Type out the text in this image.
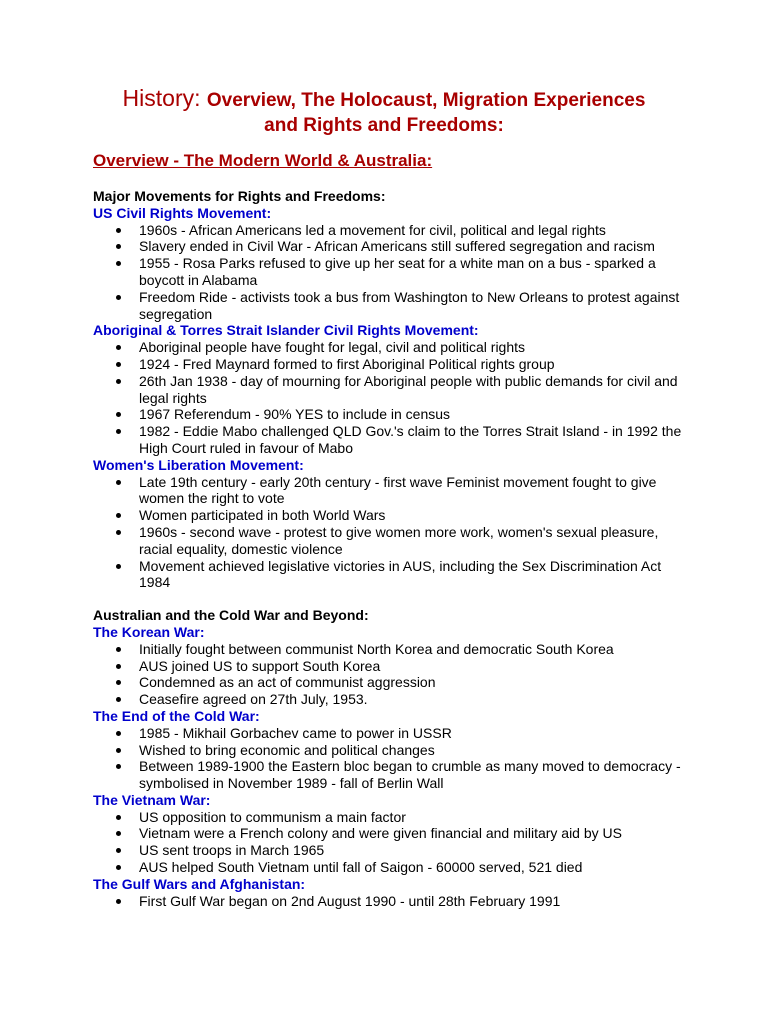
History: Overview, The Holocaust, Migration Experiences
and Rights and Freedoms:
Overview - The Modern World & Australia:

Major Movements for Rights and Freedoms:

US Civil Rights Movement:

1960s - African Americans led a movement for civil, political and legal rights
Slavery ended in Civil War - African Americans still suffered segregation and racism
1955 - Rosa Parks refused to give up her seat for a white man on a bus - sparked a boycott in Alabama
Freedom Ride - activists took a bus from Washington to New Orleans to protest against segregation

Aboriginal & Torres Strait Islander Civil Rights Movement:

Aboriginal people have fought for legal, civil and political rights
1924 - Fred Maynard formed to first Aboriginal Political rights group
26th Jan 1938 - day of mourning for Aboriginal people with public demands for civil and legal rights
1967 Referendum - 90% YES to include in census
1982 - Eddie Mabo challenged QLD Gov.'s claim to the Torres Strait Island - in 1992 the High Court ruled in favour of Mabo

Women's Liberation Movement:

Late 19th century - early 20th century - first wave Feminist movement fought to give women the right to vote
Women participated in both World Wars
1960s - second wave - protest to give women more work, women's sexual pleasure, racial equality, domestic violence
Movement achieved legislative victories in AUS, including the Sex Discrimination Act 1984

Australian and the Cold War and Beyond:

The Korean War:

Initially fought between communist North Korea and democratic South Korea
AUS joined US to support South Korea
Condemned as an act of communist aggression
Ceasefire agreed on 27th July, 1953.

The End of the Cold War:

1985 - Mikhail Gorbachev came to power in USSR
Wished to bring economic and political changes
Between 1989-1900 the Eastern bloc began to crumble as many moved to democracy - symbolised in November 1989 - fall of Berlin Wall

The Vietnam War:

US opposition to communism a main factor
Vietnam were a French colony and were given financial and military aid by US
US sent troops in March 1965
AUS helped South Vietnam until fall of Saigon - 60000 served, 521 died

The Gulf Wars and Afghanistan:

First Gulf War began on 2nd August 1990 - until 28th February 1991
